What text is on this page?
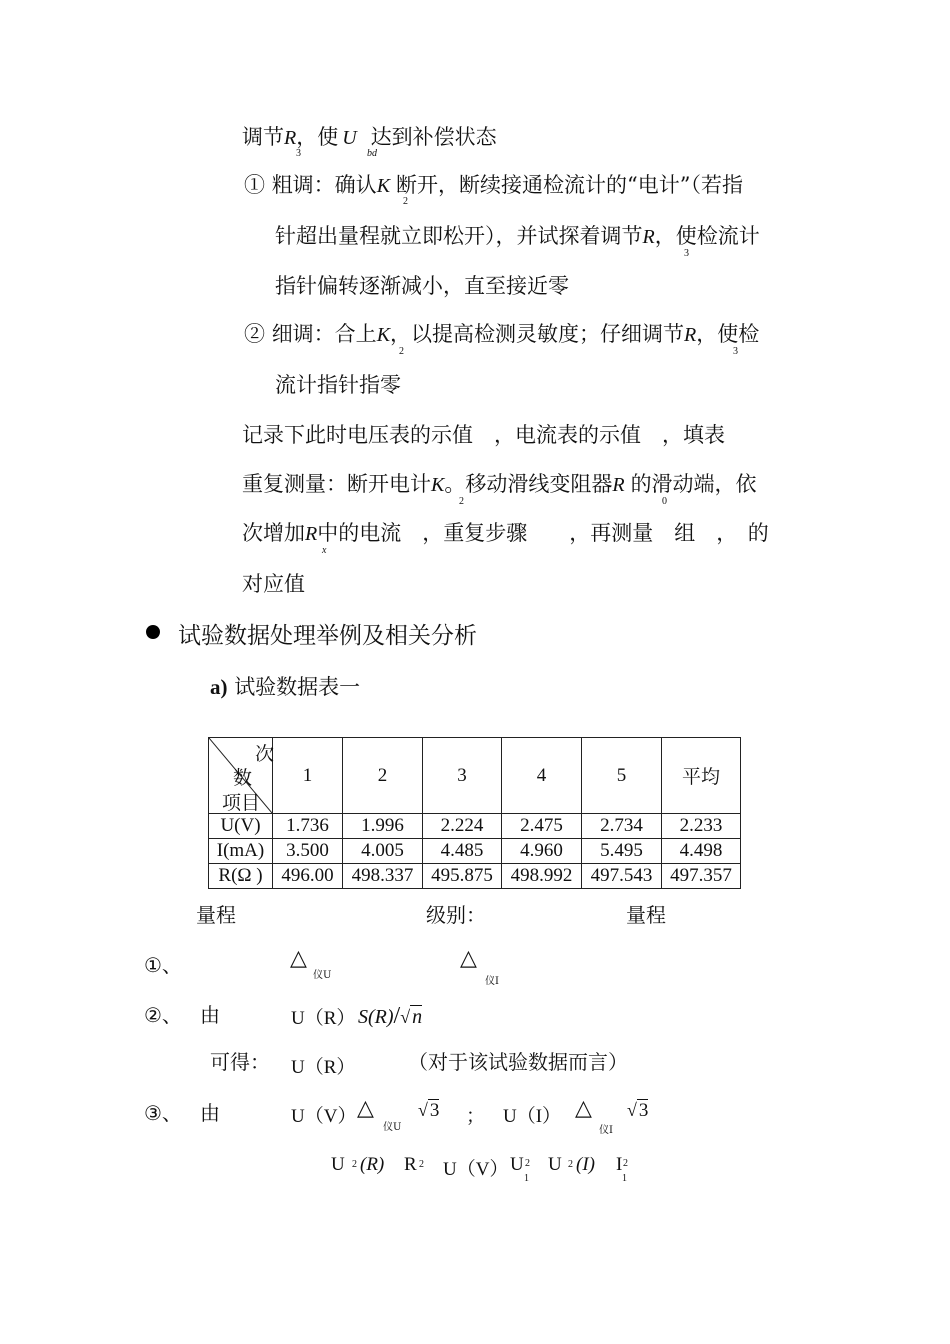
调节R，使 U 达到补偿状态
3	bd
① 粗调：确认K 断开，断续接通检流计的“电计”（若指
2
针超出量程就立即松开），并试探着调节R，使检流计
3
指针偏转逐渐减小，直至接近零
② 细调：合上K，以提高检测灵敏度；仔细调节R，使检
2	3
流计指针指零
记录下此时电压表的示值　，电流表的示值　，填表
重复测量：断开电计K。移动滑线变阻器R 的滑动端，依
2	0
次增加R中的电流　，重复步骤　　，再测量　组　，　的
x
对应值
试验数据处理举例及相关分析
a) 试验数据表一
次
数
项目	1	2	3	4	5	平均
U(V)	1.736	1.996	2.224	2.475	2.734	2.233
I(mA)	3.500	4.005	4.485	4.960	5.495	4.498
R(Ω )	496.00	498.337	495.875	498.992	497.543	497.357
量程	级别：	量程
①、	△
仪U
△
仪I
②、 由	U（R） S(R)/√ n
可得： U（R）	（对于该试验数据而言）
③、 由	U（V） △
仪U
√ 3 ； U（I） △
仪I
√ 3
U 2 (R) R 2 U（V） U 2
1
U 2 (I) I 2
1
